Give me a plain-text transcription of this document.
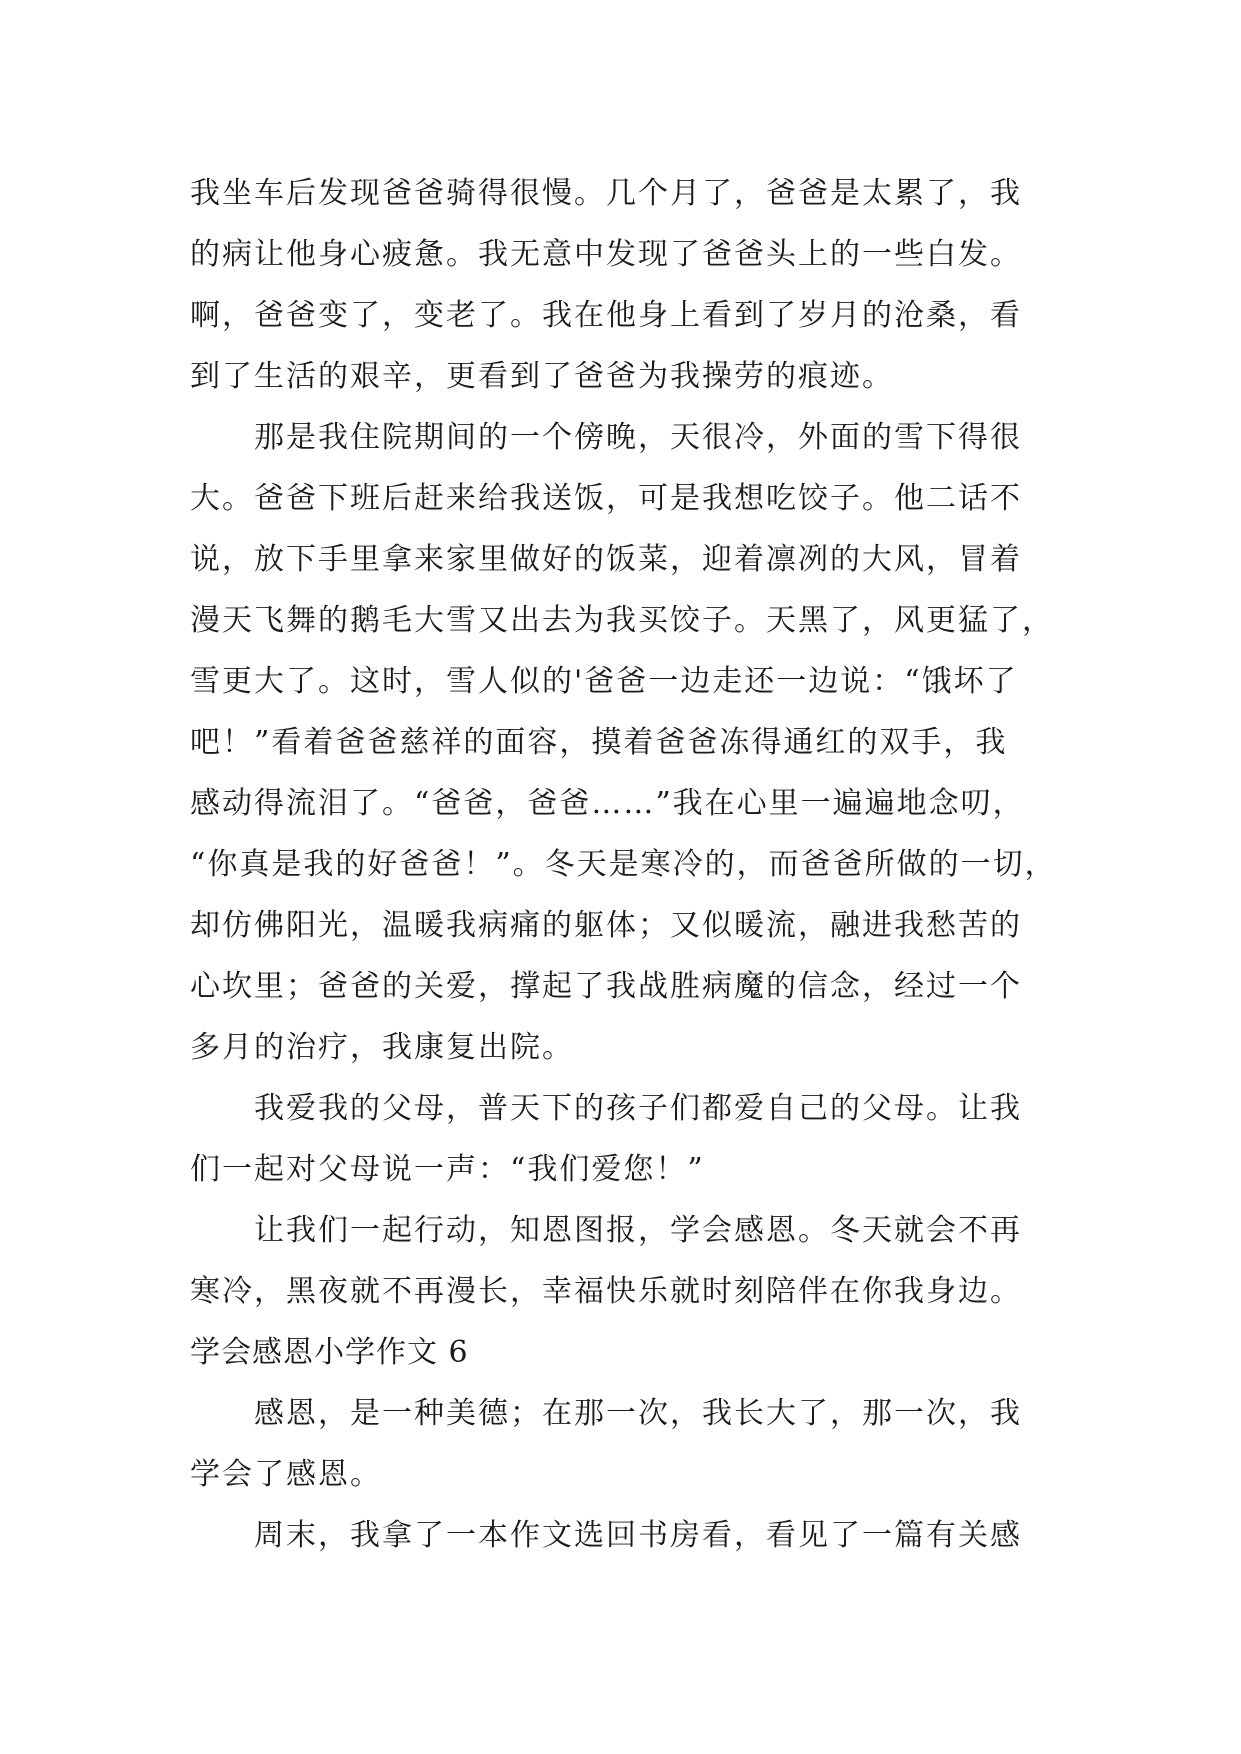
我坐车后发现爸爸骑得很慢。几个月了，爸爸是太累了，我
的病让他身心疲惫。我无意中发现了爸爸头上的一些白发。
啊，爸爸变了，变老了。我在他身上看到了岁月的沧桑，看
到了生活的艰辛，更看到了爸爸为我操劳的痕迹。
那是我住院期间的一个傍晚，天很冷，外面的雪下得很
大。爸爸下班后赶来给我送饭，可是我想吃饺子。他二话不
说，放下手里拿来家里做好的饭菜，迎着凛冽的大风，冒着
漫天飞舞的鹅毛大雪又出去为我买饺子。天黑了，风更猛了，
雪更大了。这时，雪人似的'爸爸一边走还一边说：“饿坏了
吧！”看着爸爸慈祥的面容，摸着爸爸冻得通红的双手，我
感动得流泪了。“爸爸，爸爸……”我在心里一遍遍地念叨，
“你真是我的好爸爸！”。冬天是寒冷的，而爸爸所做的一切，
却仿佛阳光，温暖我病痛的躯体；又似暖流，融进我愁苦的
心坎里；爸爸的关爱，撑起了我战胜病魔的信念，经过一个
多月的治疗，我康复出院。
我爱我的父母，普天下的孩子们都爱自己的父母。让我
们一起对父母说一声：“我们爱您！”
让我们一起行动，知恩图报，学会感恩。冬天就会不再
寒冷，黑夜就不再漫长，幸福快乐就时刻陪伴在你我身边。
学会感恩小学作文 6
感恩，是一种美德；在那一次，我长大了，那一次，我
学会了感恩。
周末，我拿了一本作文选回书房看，看见了一篇有关感
